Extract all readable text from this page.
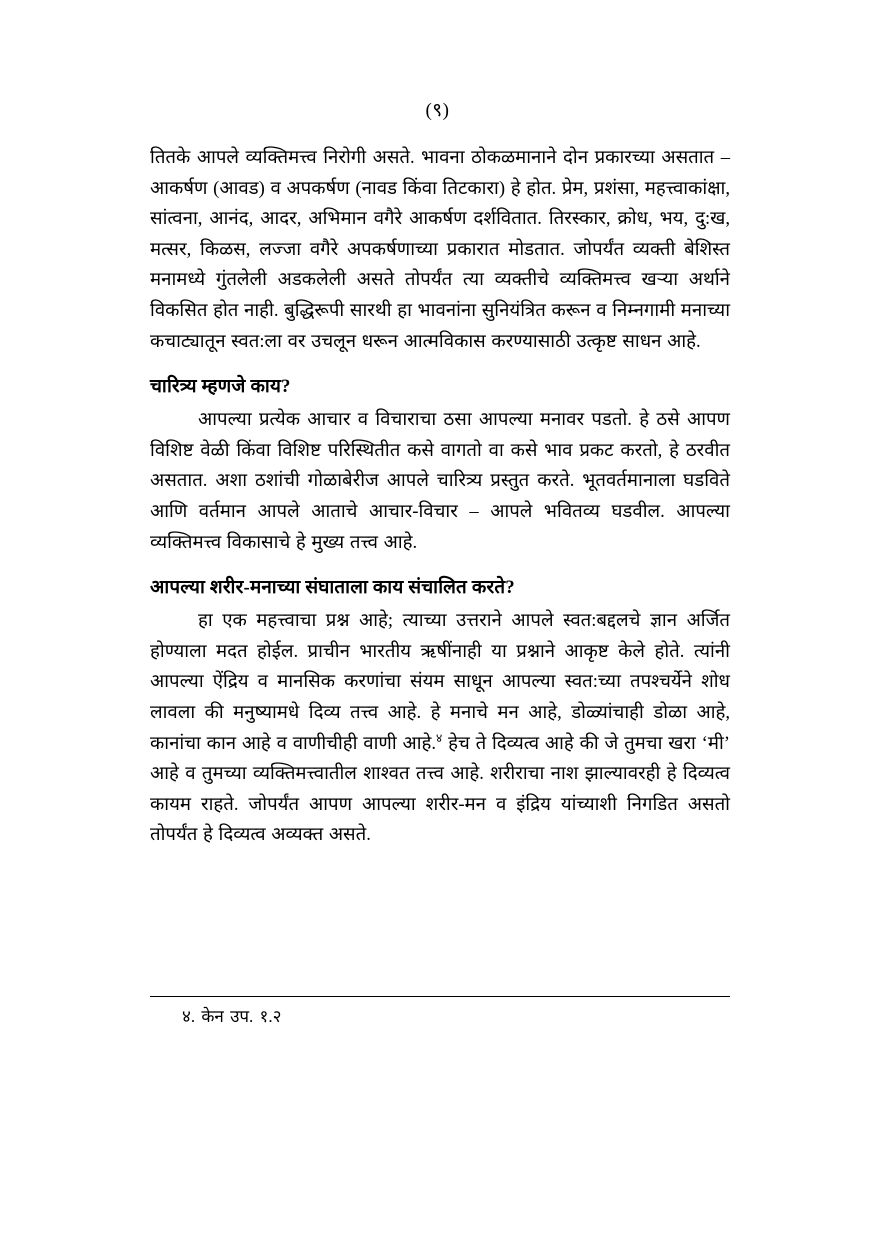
(९)

तितके आपले व्यक्तिमत्त्व निरोगी असते. भावना ठोकळमानाने दोन प्रकारच्या असतात – आकर्षण (आवड) व अपकर्षण (नावड किंवा तिटकारा) हे होत. प्रेम, प्रशंसा, महत्त्वाकांक्षा, सांत्वना, आनंद, आदर, अभिमान वगैरे आकर्षण दर्शवितात. तिरस्कार, क्रोध, भय, दु:ख, मत्सर, किळस, लज्जा वगैरे अपकर्षणाच्या प्रकारात मोडतात. जोपर्यंत व्यक्ती बेशिस्त मनामध्ये गुंतलेली अडकलेली असते तोपर्यंत त्या व्यक्तीचे व्यक्तिमत्त्व खऱ्या अर्थाने विकसित होत नाही. बुद्धिरूपी सारथी हा भावनांना सुनियंत्रित करून व निम्नगामी मनाच्या कचाट्यातून स्वत:ला वर उचलून धरून आत्मविकास करण्यासाठी उत्कृष्ट साधन आहे.

चारित्र्य म्हणजे काय?

आपल्या प्रत्येक आचार व विचाराचा ठसा आपल्या मनावर पडतो. हे ठसे आपण विशिष्ट वेळी किंवा विशिष्ट परिस्थितीत कसे वागतो वा कसे भाव प्रकट करतो, हे ठरवीत असतात. अशा ठशांची गोळाबेरीज आपले चारित्र्य प्रस्तुत करते. भूतवर्तमानाला घडविते आणि वर्तमान आपले आताचे आचार-विचार – आपले भवितव्य घडवील. आपल्या व्यक्तिमत्त्व विकासाचे हे मुख्य तत्त्व आहे.

आपल्या शरीर-मनाच्या संघाताला काय संचालित करते?

हा एक महत्त्वाचा प्रश्न आहे; त्याच्या उत्तराने आपले स्वत:बद्दलचे ज्ञान अर्जित होण्याला मदत होईल. प्राचीन भारतीय ऋषींनाही या प्रश्नाने आकृष्ट केले होते. त्यांनी आपल्या ऐंद्रिय व मानसिक करणांचा संयम साधून आपल्या स्वत:च्या तपश्चर्येने शोध लावला की मनुष्यामधे दिव्य तत्त्व आहे. हे मनाचे मन आहे, डोळ्यांचाही डोळा आहे, कानांचा कान आहे व वाणीचीही वाणी आहे.$^४$ हेच ते दिव्यत्व आहे की जे तुमचा खरा ‘मी’ आहे व तुमच्या व्यक्तिमत्त्वातील शाश्वत तत्त्व आहे. शरीराचा नाश झाल्यावरही हे दिव्यत्व कायम राहते. जोपर्यंत आपण आपल्या शरीर-मन व इंद्रिय यांच्याशी निगडित असतो तोपर्यंत हे दिव्यत्व अव्यक्त असते.

४. केन उप. १.२
